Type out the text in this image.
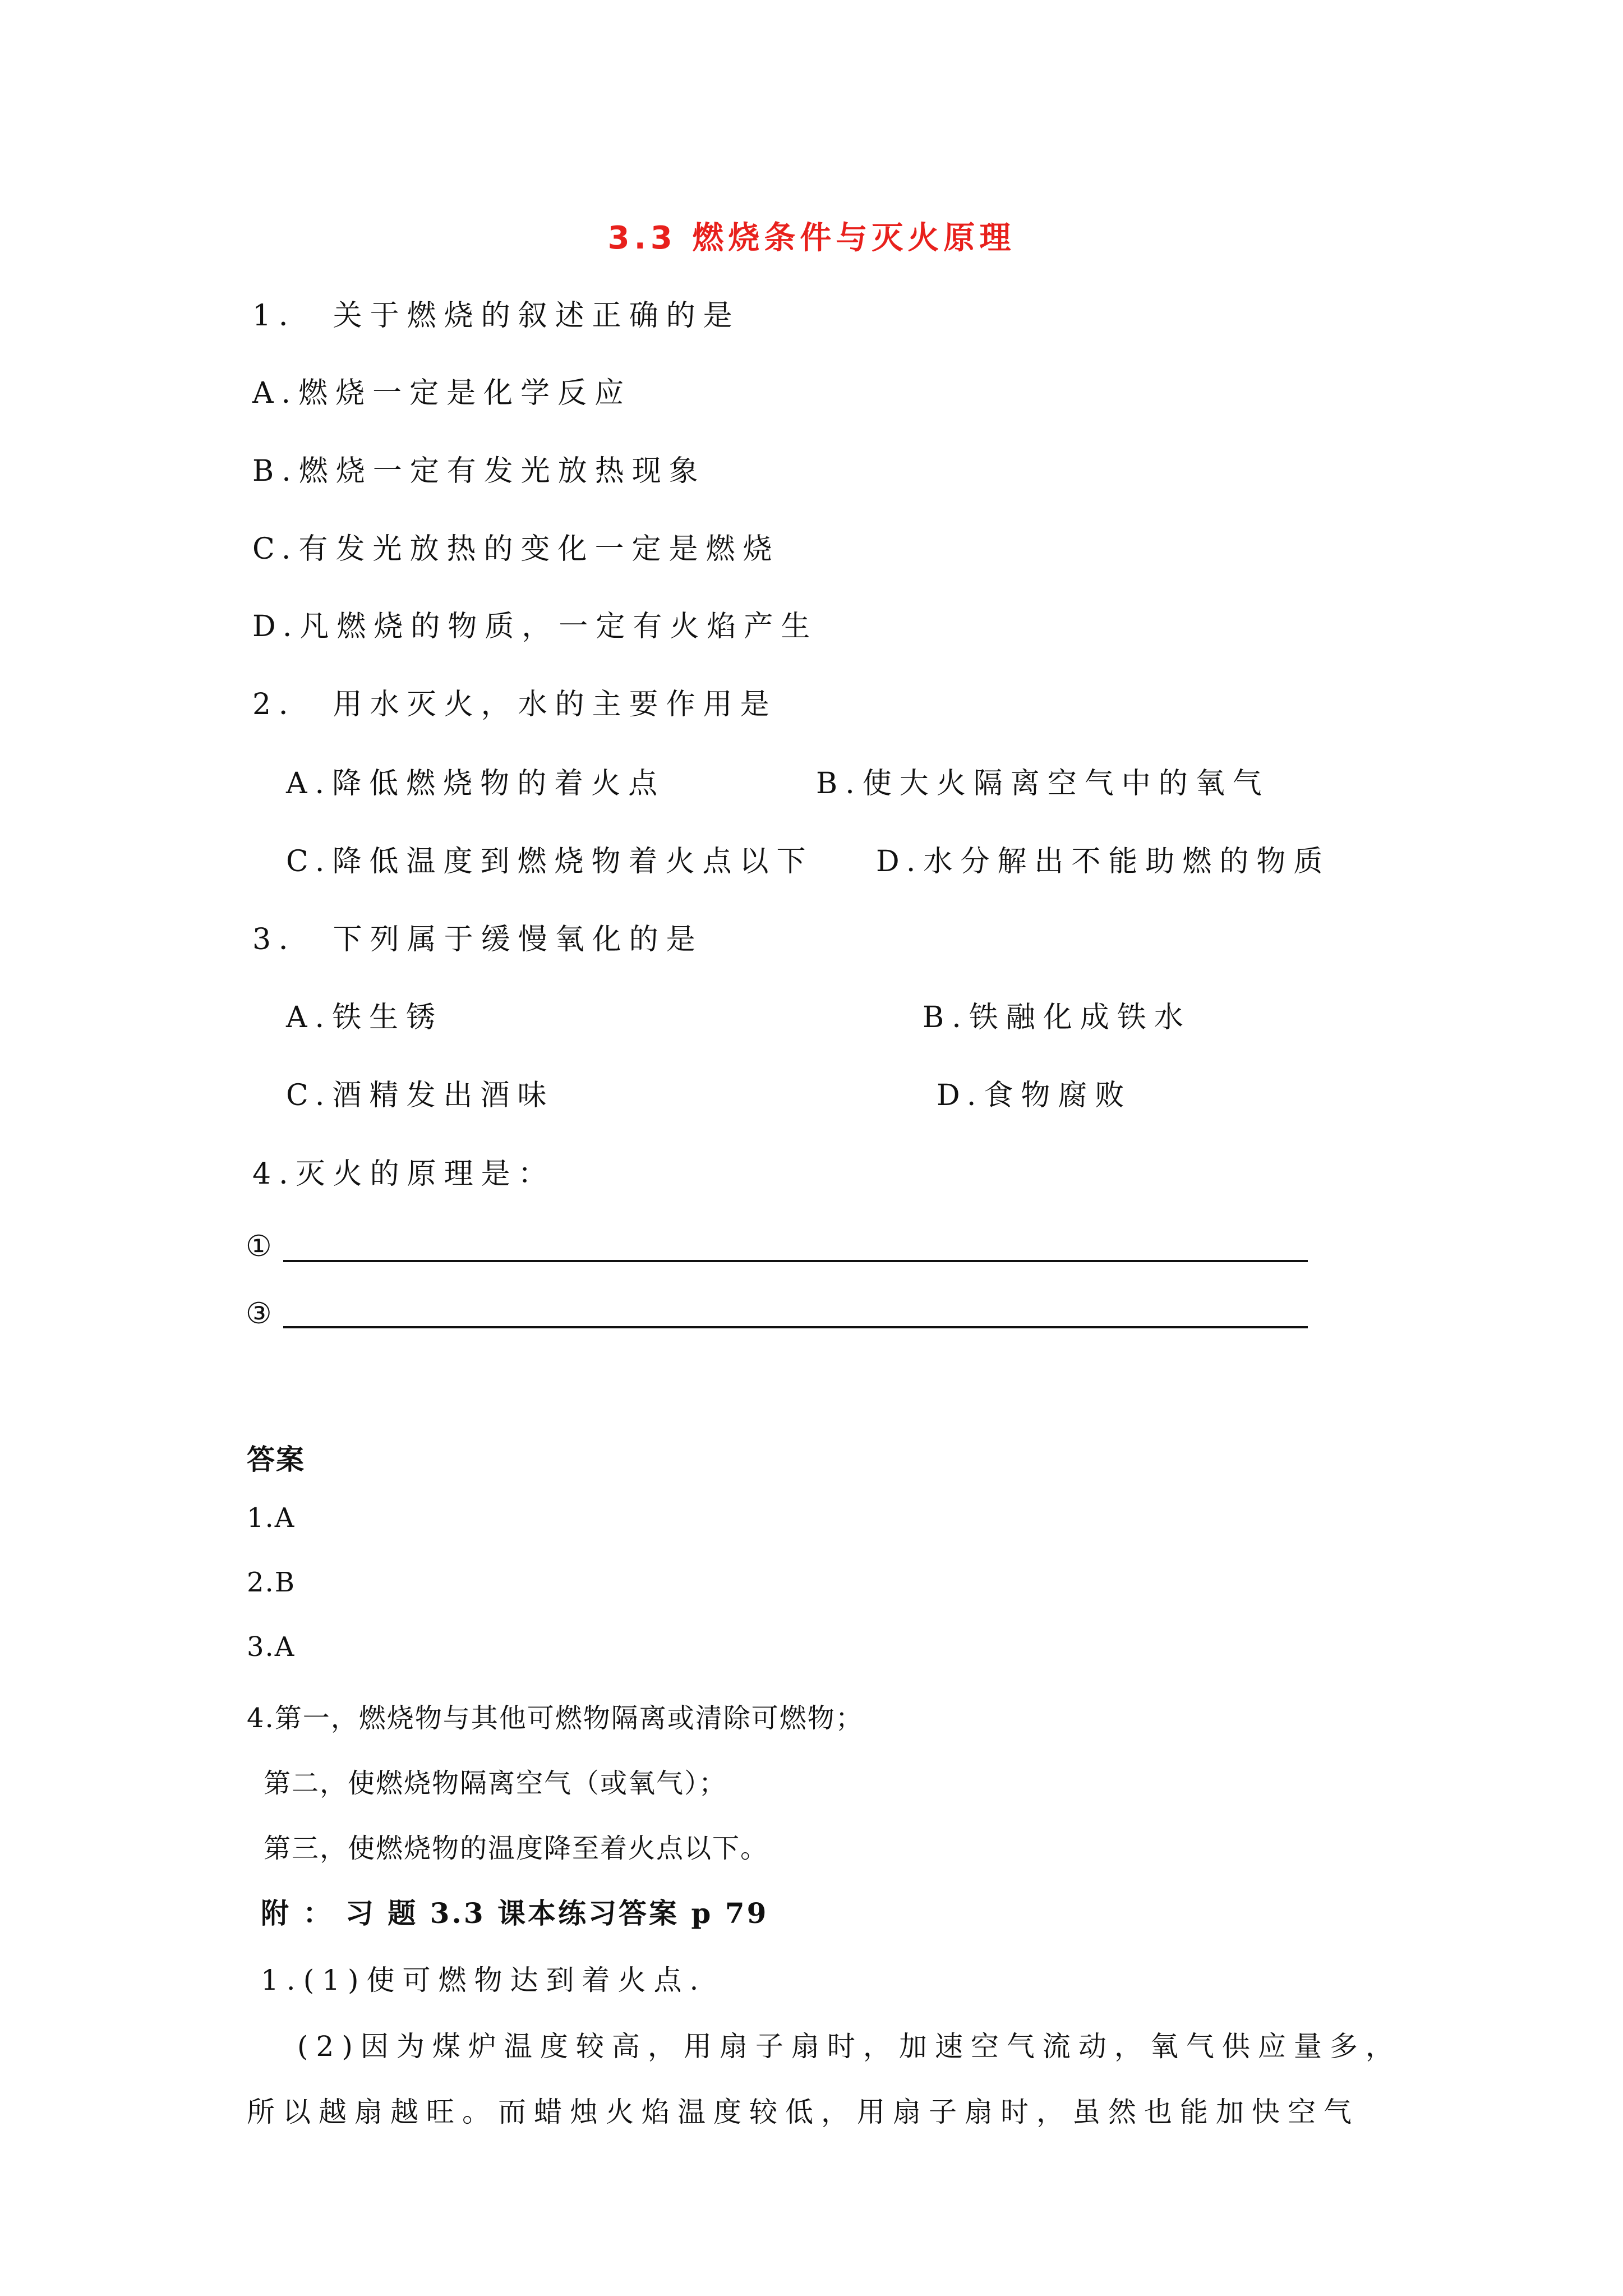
3.3 燃烧条件与灭火原理

1． 关于燃烧的叙述正确的是

A.燃烧一定是化学反应

B.燃烧一定有发光放热现象

C.有发光放热的变化一定是燃烧

D.凡燃烧的物质，一定有火焰产生

2． 用水灭火，水的主要作用是

A.降低燃烧物的着火点	B.使大火隔离空气中的氧气

C.降低温度到燃烧物着火点以下 D.水分解出不能助燃的物质

3． 下列属于缓慢氧化的是

A.铁生锈	B.铁融化成铁水

C.酒精发出酒味	D.食物腐败

4.灭火的原理是：

①
③

答案

1.A

2.B

3.A

4.第一，燃烧物与其他可燃物隔离或清除可燃物；

第二，使燃烧物隔离空气（或氧气）；

第三，使燃烧物的温度降至着火点以下。

附 ： 习 题 3.3 课本练习答案 p 79

1.(1)使可燃物达到着火点.

(2)因为煤炉温度较高，用扇子扇时，加速空气流动，氧气供应量多，

所以越扇越旺。而蜡烛火焰温度较低，用扇子扇时，虽然也能加快空气
